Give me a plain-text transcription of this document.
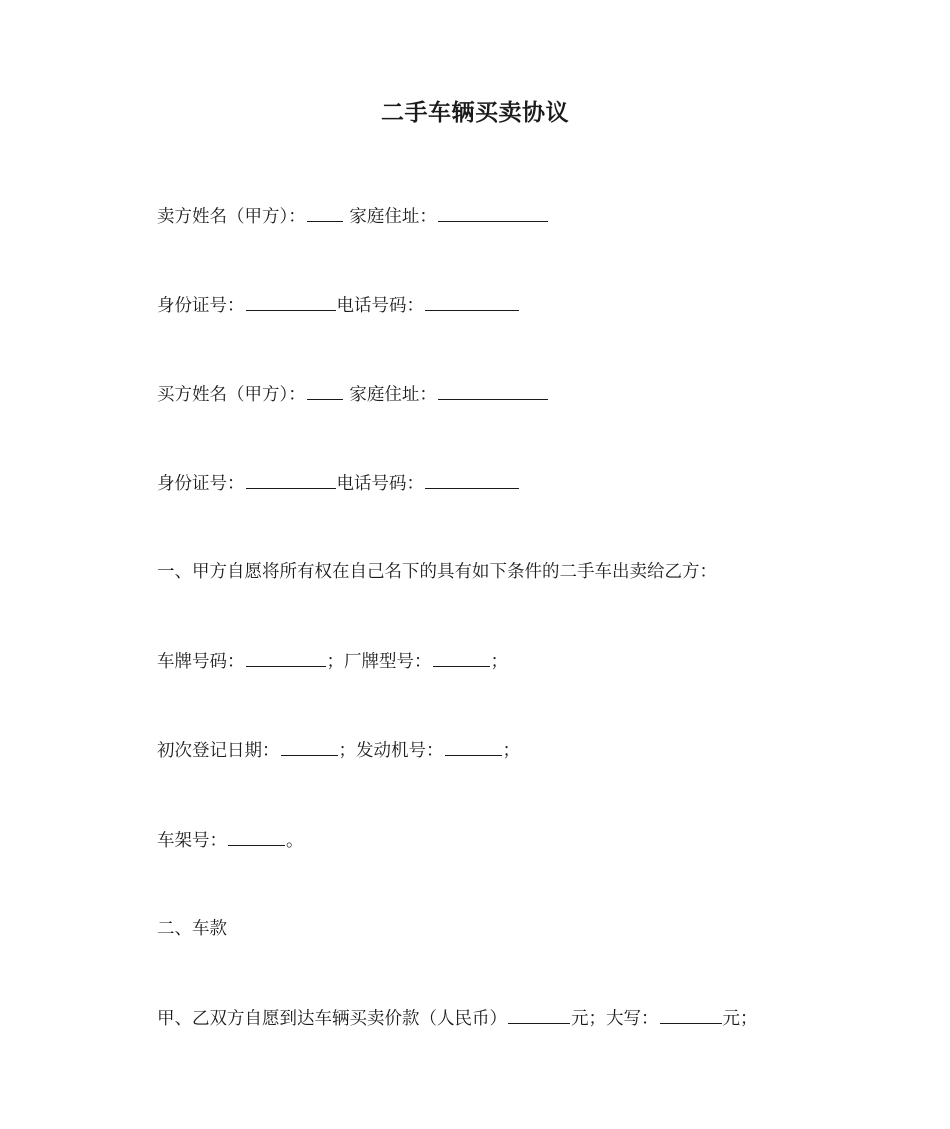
二手车辆买卖协议
卖方姓名（甲方）： 家庭住址：
身份证号：	电话号码：
买方姓名（甲方）： 家庭住址：
身份证号：	电话号码：
一、甲方自愿将所有权在自己名下的具有如下条件的二手车出卖给乙方：
车牌号码：	；厂牌型号：	；
初次登记日期：	；发动机号：	；
车架号：	。
二、车款
甲、乙双方自愿到达车辆买卖价款（人民币）	元；大写：	元；
